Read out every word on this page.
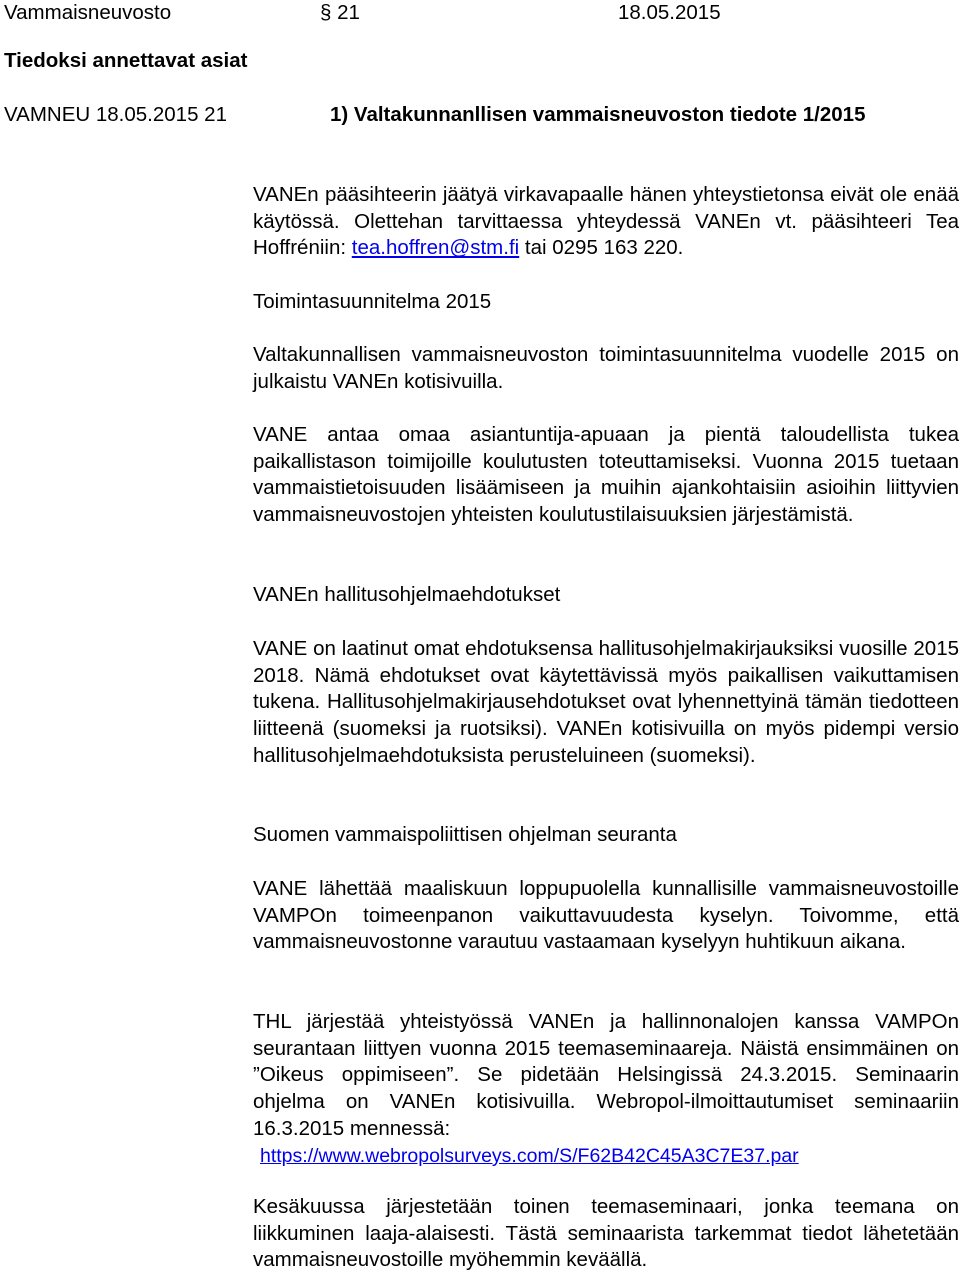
Vammaisneuvosto	§ 21	18.05.2015
Tiedoksi annettavat asiat
VAMNEU 18.05.2015 21	1) Valtakunnanllisen vammaisneuvoston tiedote 1/2015

VANEn pääsihteerin jäätyä virkavapaalle hänen yhteystietonsa eivät ole enää käytössä. Olettehan tarvittaessa yhteydessä VANEn vt. pääsihteeri Tea Hoffréniin: tea.hoffren@stm.fi tai 0295 163 220.

Toimintasuunnitelma 2015

Valtakunnallisen vammaisneuvoston toimintasuunnitelma vuodelle 2015 on julkaistu VANEn kotisivuilla.

VANE antaa omaa asiantuntija-apuaan ja pientä taloudellista tukea paikallistason toimijoille koulutusten toteuttamiseksi. Vuonna 2015 tuetaan vammaistietoisuuden lisäämiseen ja muihin ajankohtaisiin asioihin liittyvien vammaisneuvostojen yhteisten koulutustilaisuuksien järjestämistä.

VANEn hallitusohjelmaehdotukset

VANE on laatinut omat ehdotuksensa hallitusohjelmakirjauksiksi vuosille 2015 2018. Nämä ehdotukset ovat käytettävissä myös paikallisen vaikuttamisen tukena. Hallitusohjelmakirjausehdotukset ovat lyhennettyinä tämän tiedotteen liitteenä (suomeksi ja ruotsiksi). VANEn kotisivuilla on myös pidempi versio hallitusohjelmaehdotuksista perusteluineen (suomeksi).

Suomen vammaispoliittisen ohjelman seuranta

VANE lähettää maaliskuun loppupuolella kunnallisille vammaisneuvostoille VAMPOn toimeenpanon vaikuttavuudesta kyselyn. Toivomme, että vammaisneuvostonne varautuu vastaamaan kyselyyn huhtikuun aikana.

THL järjestää yhteistyössä VANEn ja hallinnonalojen kanssa VAMPOn seurantaan liittyen vuonna 2015 teemaseminaareja. Näistä ensimmäinen on ”Oikeus oppimiseen”. Se pidetään Helsingissä 24.3.2015. Seminaarin ohjelma on VANEn kotisivuilla. Webropol-ilmoittautumiset seminaariin 16.3.2015 mennessä:

https://www.webropolsurveys.com/S/F62B42C45A3C7E37.par

Kesäkuussa järjestetään toinen teemaseminaari, jonka teemana on liikkuminen laaja-alaisesti. Tästä seminaarista tarkemmat tiedot lähetetään vammaisneuvostoille myöhemmin keväällä.
